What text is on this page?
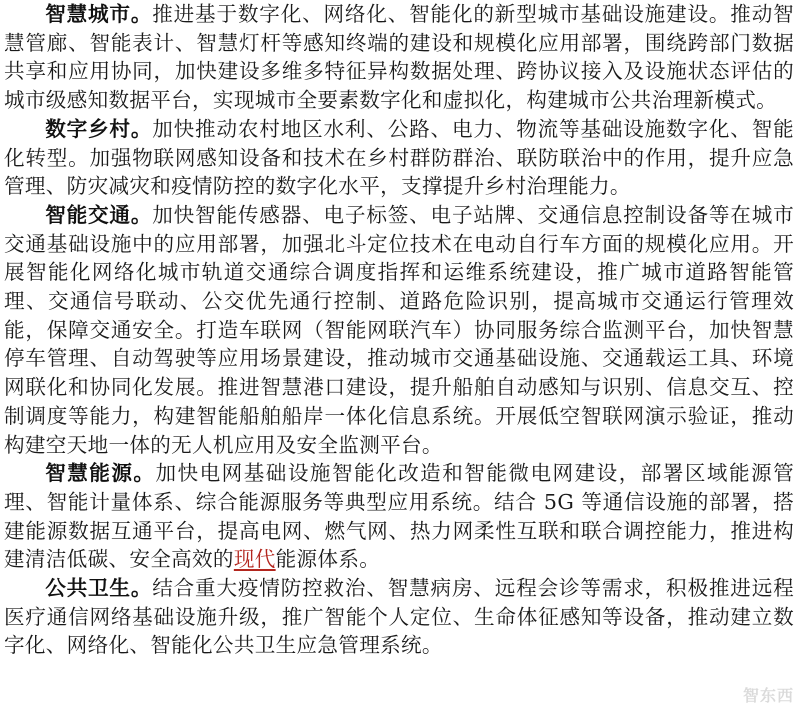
智慧城市。推进基于数字化、网络化、智能化的新型城市基础设施建设。推动智慧管廊、智能表计、智慧灯杆等感知终端的建设和规模化应用部署，围绕跨部门数据共享和应用协同，加快建设多维多特征异构数据处理、跨协议接入及设施状态评估的城市级感知数据平台，实现城市全要素数字化和虚拟化，构建城市公共治理新模式。

数字乡村。加快推动农村地区水利、公路、电力、物流等基础设施数字化、智能化转型。加强物联网感知设备和技术在乡村群防群治、联防联治中的作用，提升应急管理、防灾减灾和疫情防控的数字化水平，支撑提升乡村治理能力。

智能交通。加快智能传感器、电子标签、电子站牌、交通信息控制设备等在城市交通基础设施中的应用部署，加强北斗定位技术在电动自行车方面的规模化应用。开展智能化网络化城市轨道交通综合调度指挥和运维系统建设，推广城市道路智能管理、交通信号联动、公交优先通行控制、道路危险识别，提高城市交通运行管理效能，保障交通安全。打造车联网（智能网联汽车）协同服务综合监测平台，加快智慧停车管理、自动驾驶等应用场景建设，推动城市交通基础设施、交通载运工具、环境网联化和协同化发展。推进智慧港口建设，提升船舶自动感知与识别、信息交互、控制调度等能力，构建智能船舶船岸一体化信息系统。开展低空智联网演示验证，推动构建空天地一体的无人机应用及安全监测平台。

智慧能源。加快电网基础设施智能化改造和智能微电网建设，部署区域能源管理、智能计量体系、综合能源服务等典型应用系统。结合 5G 等通信设施的部署，搭建能源数据互通平台，提高电网、燃气网、热力网柔性互联和联合调控能力，推进构建清洁低碳、安全高效的现代能源体系。

公共卫生。结合重大疫情防控救治、智慧病房、远程会诊等需求，积极推进远程医疗通信网络基础设施升级，推广智能个人定位、生命体征感知等设备，推动建立数字化、网络化、智能化公共卫生应急管理系统。

智东西
